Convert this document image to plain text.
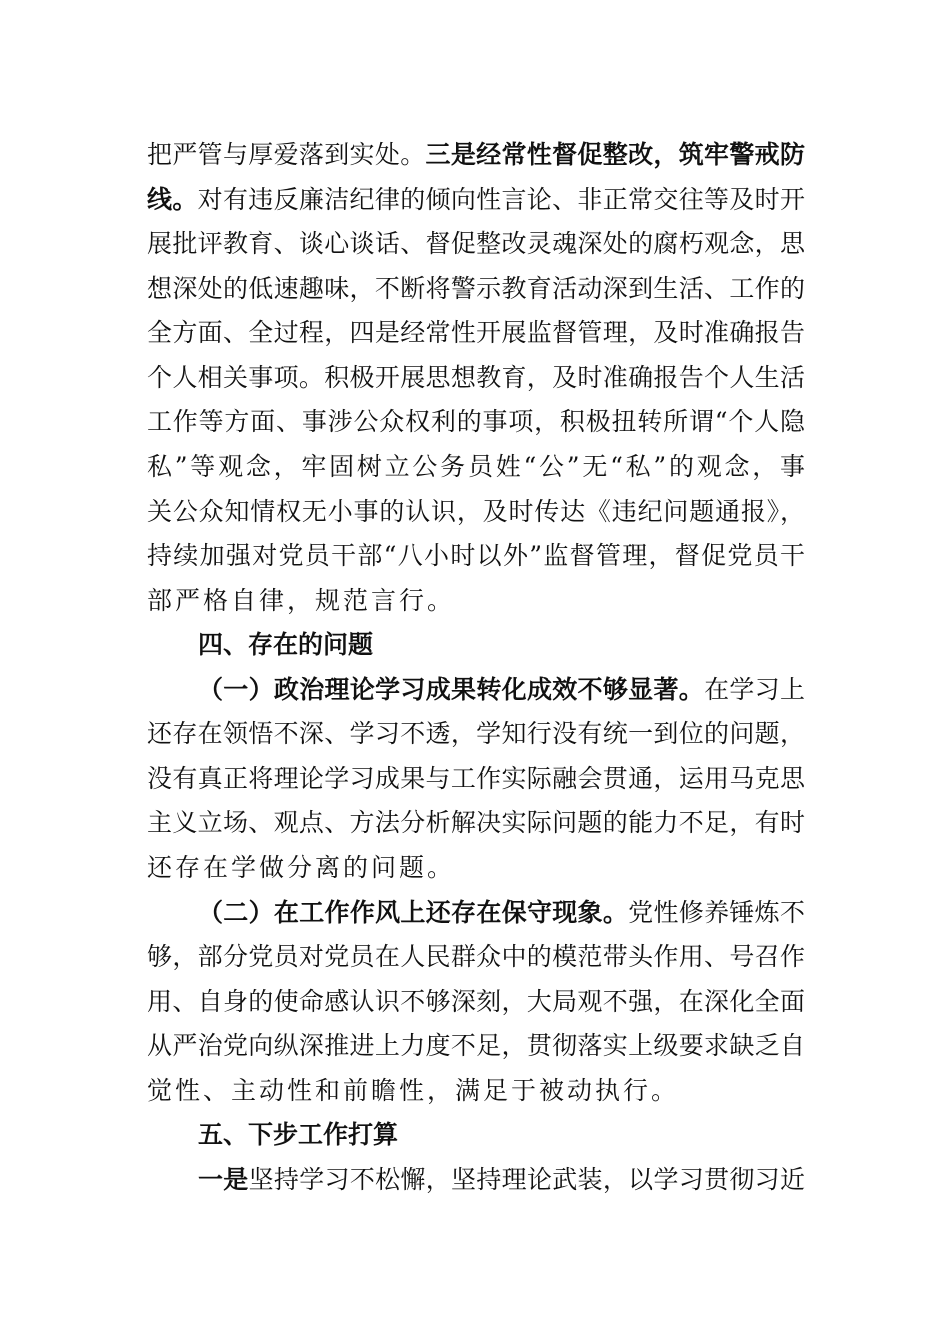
把严管与厚爱落到实处。三是经常性督促整改，筑牢警戒防
线。对有违反廉洁纪律的倾向性言论、非正常交往等及时开
展批评教育、谈心谈话、督促整改灵魂深处的腐朽观念，思
想深处的低速趣味，不断将警示教育活动深到生活、工作的
全方面、全过程，四是经常性开展监督管理，及时准确报告
个人相关事项。积极开展思想教育，及时准确报告个人生活
工作等方面、事涉公众权利的事项，积极扭转所谓“个人隐
私”等观念，牢固树立公务员姓“公”无“私”的观念，事
关公众知情权无小事的认识，及时传达《违纪问题通报》，
持续加强对党员干部“八小时以外”监督管理，督促党员干
部严格自律，规范言行。
四、存在的问题
（一）政治理论学习成果转化成效不够显著。在学习上
还存在领悟不深、学习不透，学知行没有统一到位的问题，
没有真正将理论学习成果与工作实际融会贯通，运用马克思
主义立场、观点、方法分析解决实际问题的能力不足，有时
还存在学做分离的问题。
（二）在工作作风上还存在保守现象。党性修养锤炼不
够，部分党员对党员在人民群众中的模范带头作用、号召作
用、自身的使命感认识不够深刻，大局观不强，在深化全面
从严治党向纵深推进上力度不足，贯彻落实上级要求缺乏自
觉性、主动性和前瞻性，满足于被动执行。
五、下步工作打算
一是坚持学习不松懈，坚持理论武装，以学习贯彻习近
